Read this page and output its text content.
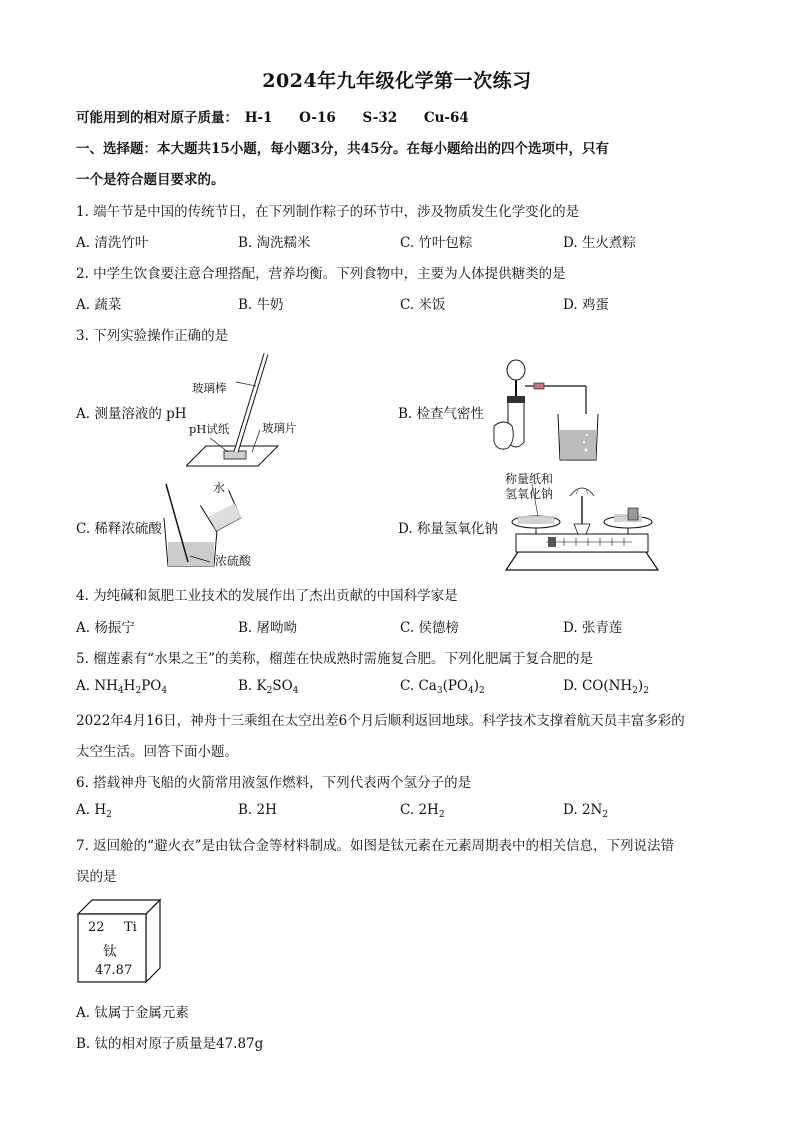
2024年九年级化学第一次练习
可能用到的相对原子质量： H-1 O-16 S-32 Cu-64
一、选择题：本大题共15小题，每小题3分，共45分。在每小题给出的四个选项中，只有
一个是符合题目要求的。
1. 端午节是中国的传统节日，在下列制作粽子的环节中，涉及物质发生化学变化的是
A. 清洗竹叶	B. 淘洗糯米	C. 竹叶包粽	D. 生火煮粽
2. 中学生饮食要注意合理搭配，营养均衡。下列食物中，主要为人体提供糖类的是
A. 蔬菜	B. 牛奶	C. 米饭	D. 鸡蛋
3. 下列实验操作正确的是
A. 测量溶液的 pH
玻璃棒
pH试纸	玻璃片
B. 检查气密性
C. 稀释浓硫酸
水
浓硫酸
D. 称量氢氧化钠
称量纸和
氢氧化钠
4. 为纯碱和氮肥工业技术的发展作出了杰出贡献的中国科学家是
A. 杨振宁	B. 屠呦呦	C. 侯德榜	D. 张青莲
5. 榴莲素有“水果之王”的美称，榴莲在快成熟时需施复合肥。下列化肥属于复合肥的是
A. $NH_4H_2PO_4$	B. $K_2SO_4$	C. $Ca_3(PO_4)_2$	D. $CO(NH_2)_2$
2022年4月16日，神舟十三乘组在太空出差6个月后顺利返回地球。科学技术支撑着航天员丰富多彩的
太空生活。回答下面小题。
6. 搭载神舟飞船的火箭常用液氢作燃料，下列代表两个氢分子的是
A. $H_2$	B. 2H	C. $2H_2$	D. $2N_2$
7. 返回舱的“避火衣”是由钛合金等材料制成。如图是钛元素在元素周期表中的相关信息，下列说法错
误的是
22 Ti
钛
47.87
A. 钛属于金属元素
B. 钛的相对原子质量是47.87g
